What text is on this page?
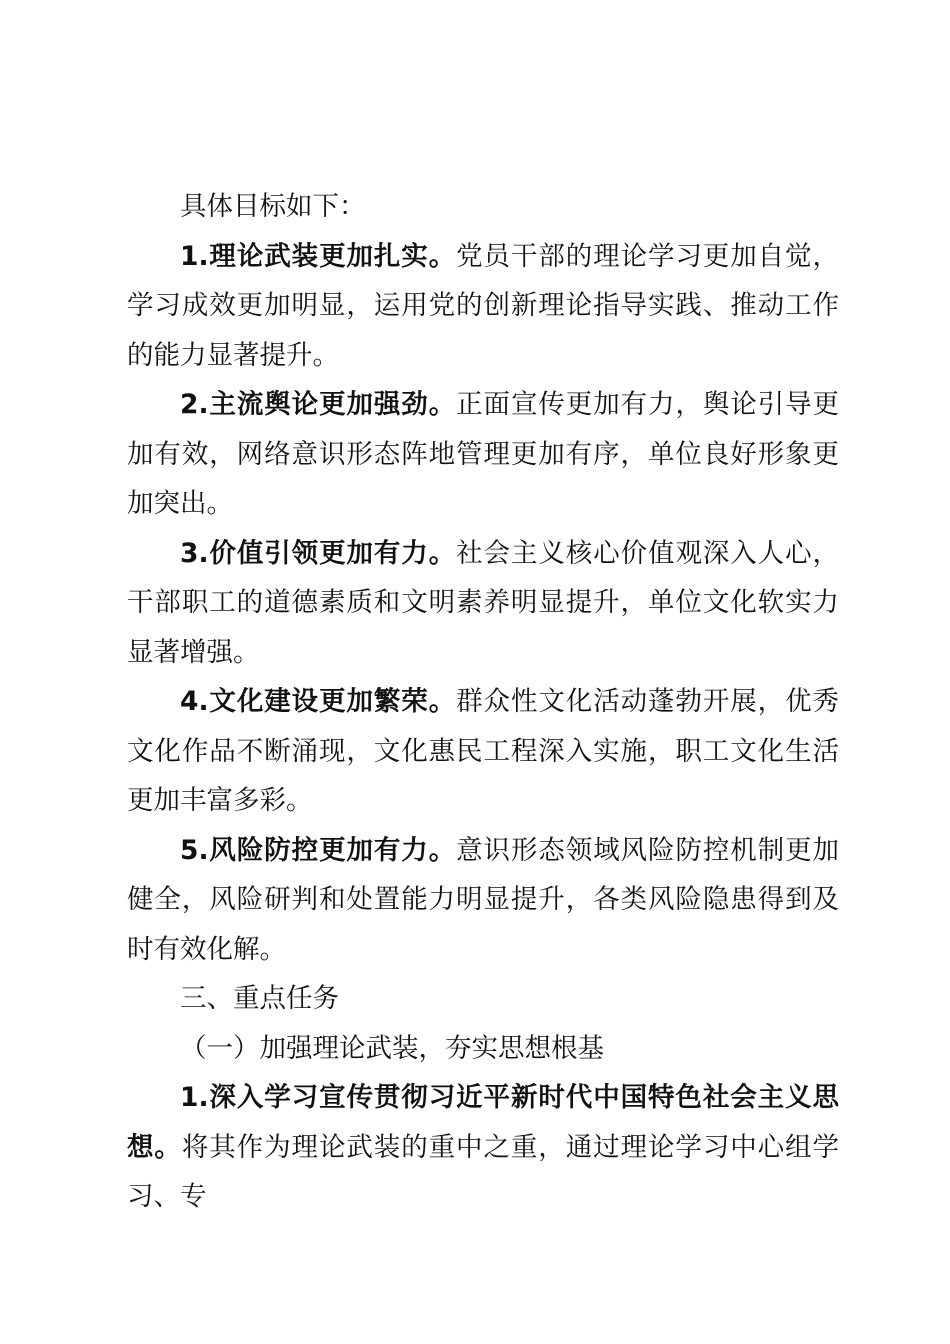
具体目标如下：

1.理论武装更加扎实。党员干部的理论学习更加自觉，学习成效更加明显，运用党的创新理论指导实践、推动工作的能力显著提升。

2.主流舆论更加强劲。正面宣传更加有力，舆论引导更加有效，网络意识形态阵地管理更加有序，单位良好形象更加突出。

3.价值引领更加有力。社会主义核心价值观深入人心，干部职工的道德素质和文明素养明显提升，单位文化软实力显著增强。

4.文化建设更加繁荣。群众性文化活动蓬勃开展，优秀文化作品不断涌现，文化惠民工程深入实施，职工文化生活更加丰富多彩。

5.风险防控更加有力。意识形态领域风险防控机制更加健全，风险研判和处置能力明显提升，各类风险隐患得到及时有效化解。

三、重点任务

（一）加强理论武装，夯实思想根基

1.深入学习宣传贯彻习近平新时代中国特色社会主义思想。将其作为理论武装的重中之重，通过理论学习中心组学习、专
